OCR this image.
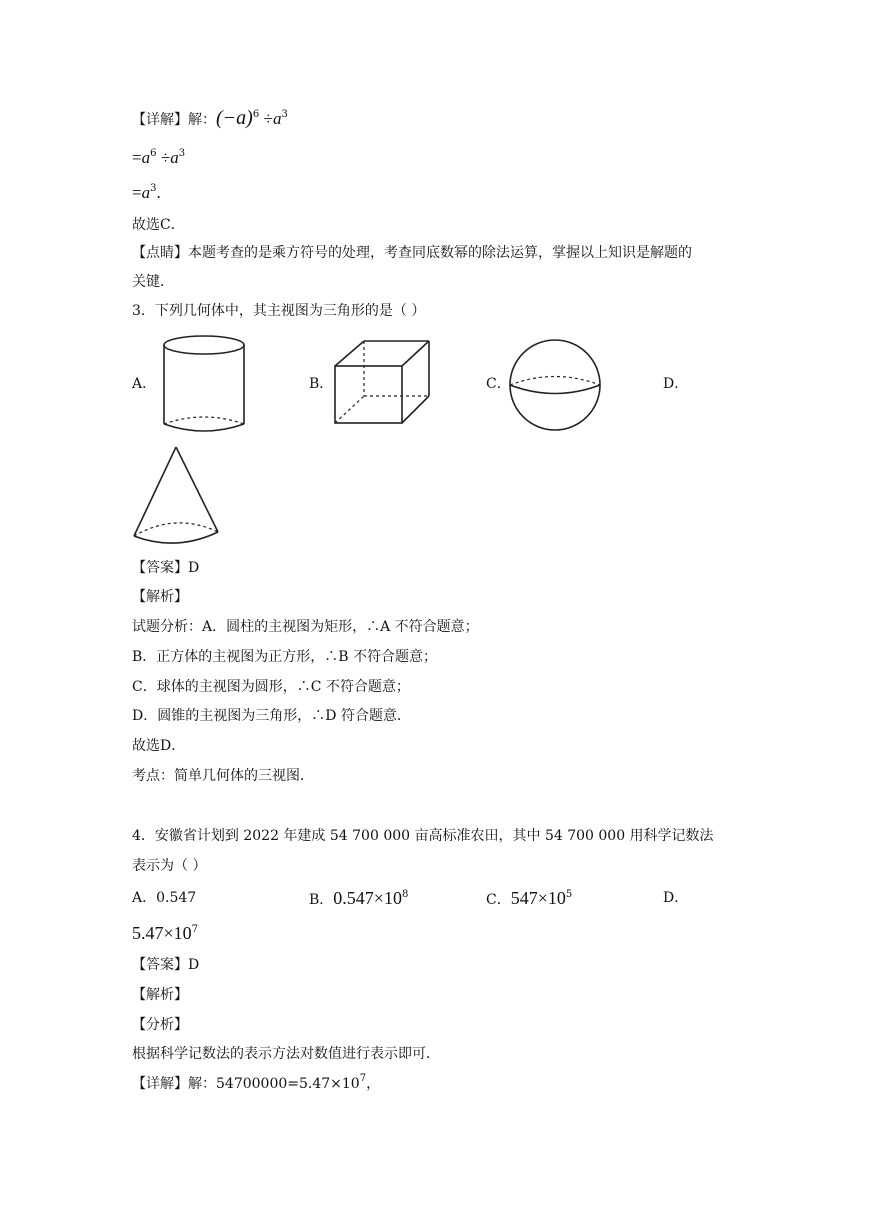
【详解】解：$(-a)^6 \div a^3$
$=a^6 \div a^3$
$=a^3$.
故选C．
【点睛】本题考查的是乘方符号的处理，考查同底数幂的除法运算，掌握以上知识是解题的
关键．
3．下列几何体中，其主视图为三角形的是（ ）
A．	B．	C．	D．
【答案】D
【解析】
试题分析：A．圆柱的主视图为矩形，∴A 不符合题意；
B．正方体的主视图为正方形，∴B 不符合题意；
C．球体的主视图为圆形，∴C 不符合题意；
D．圆锥的主视图为三角形，∴D 符合题意．
故选D．
考点：简单几何体的三视图．
4．安徽省计划到 2022 年建成 54 700 000 亩高标准农田，其中 54 700 000 用科学记数法
表示为（ ）
A．0.547	B．$0.547\times 10^8$	C．$547\times 10^5$	D．
$5.47\times 10^7$
【答案】D
【解析】
【分析】
根据科学记数法的表示方法对数值进行表示即可．
【详解】解：$54700000=5.47\times 10^7$，
